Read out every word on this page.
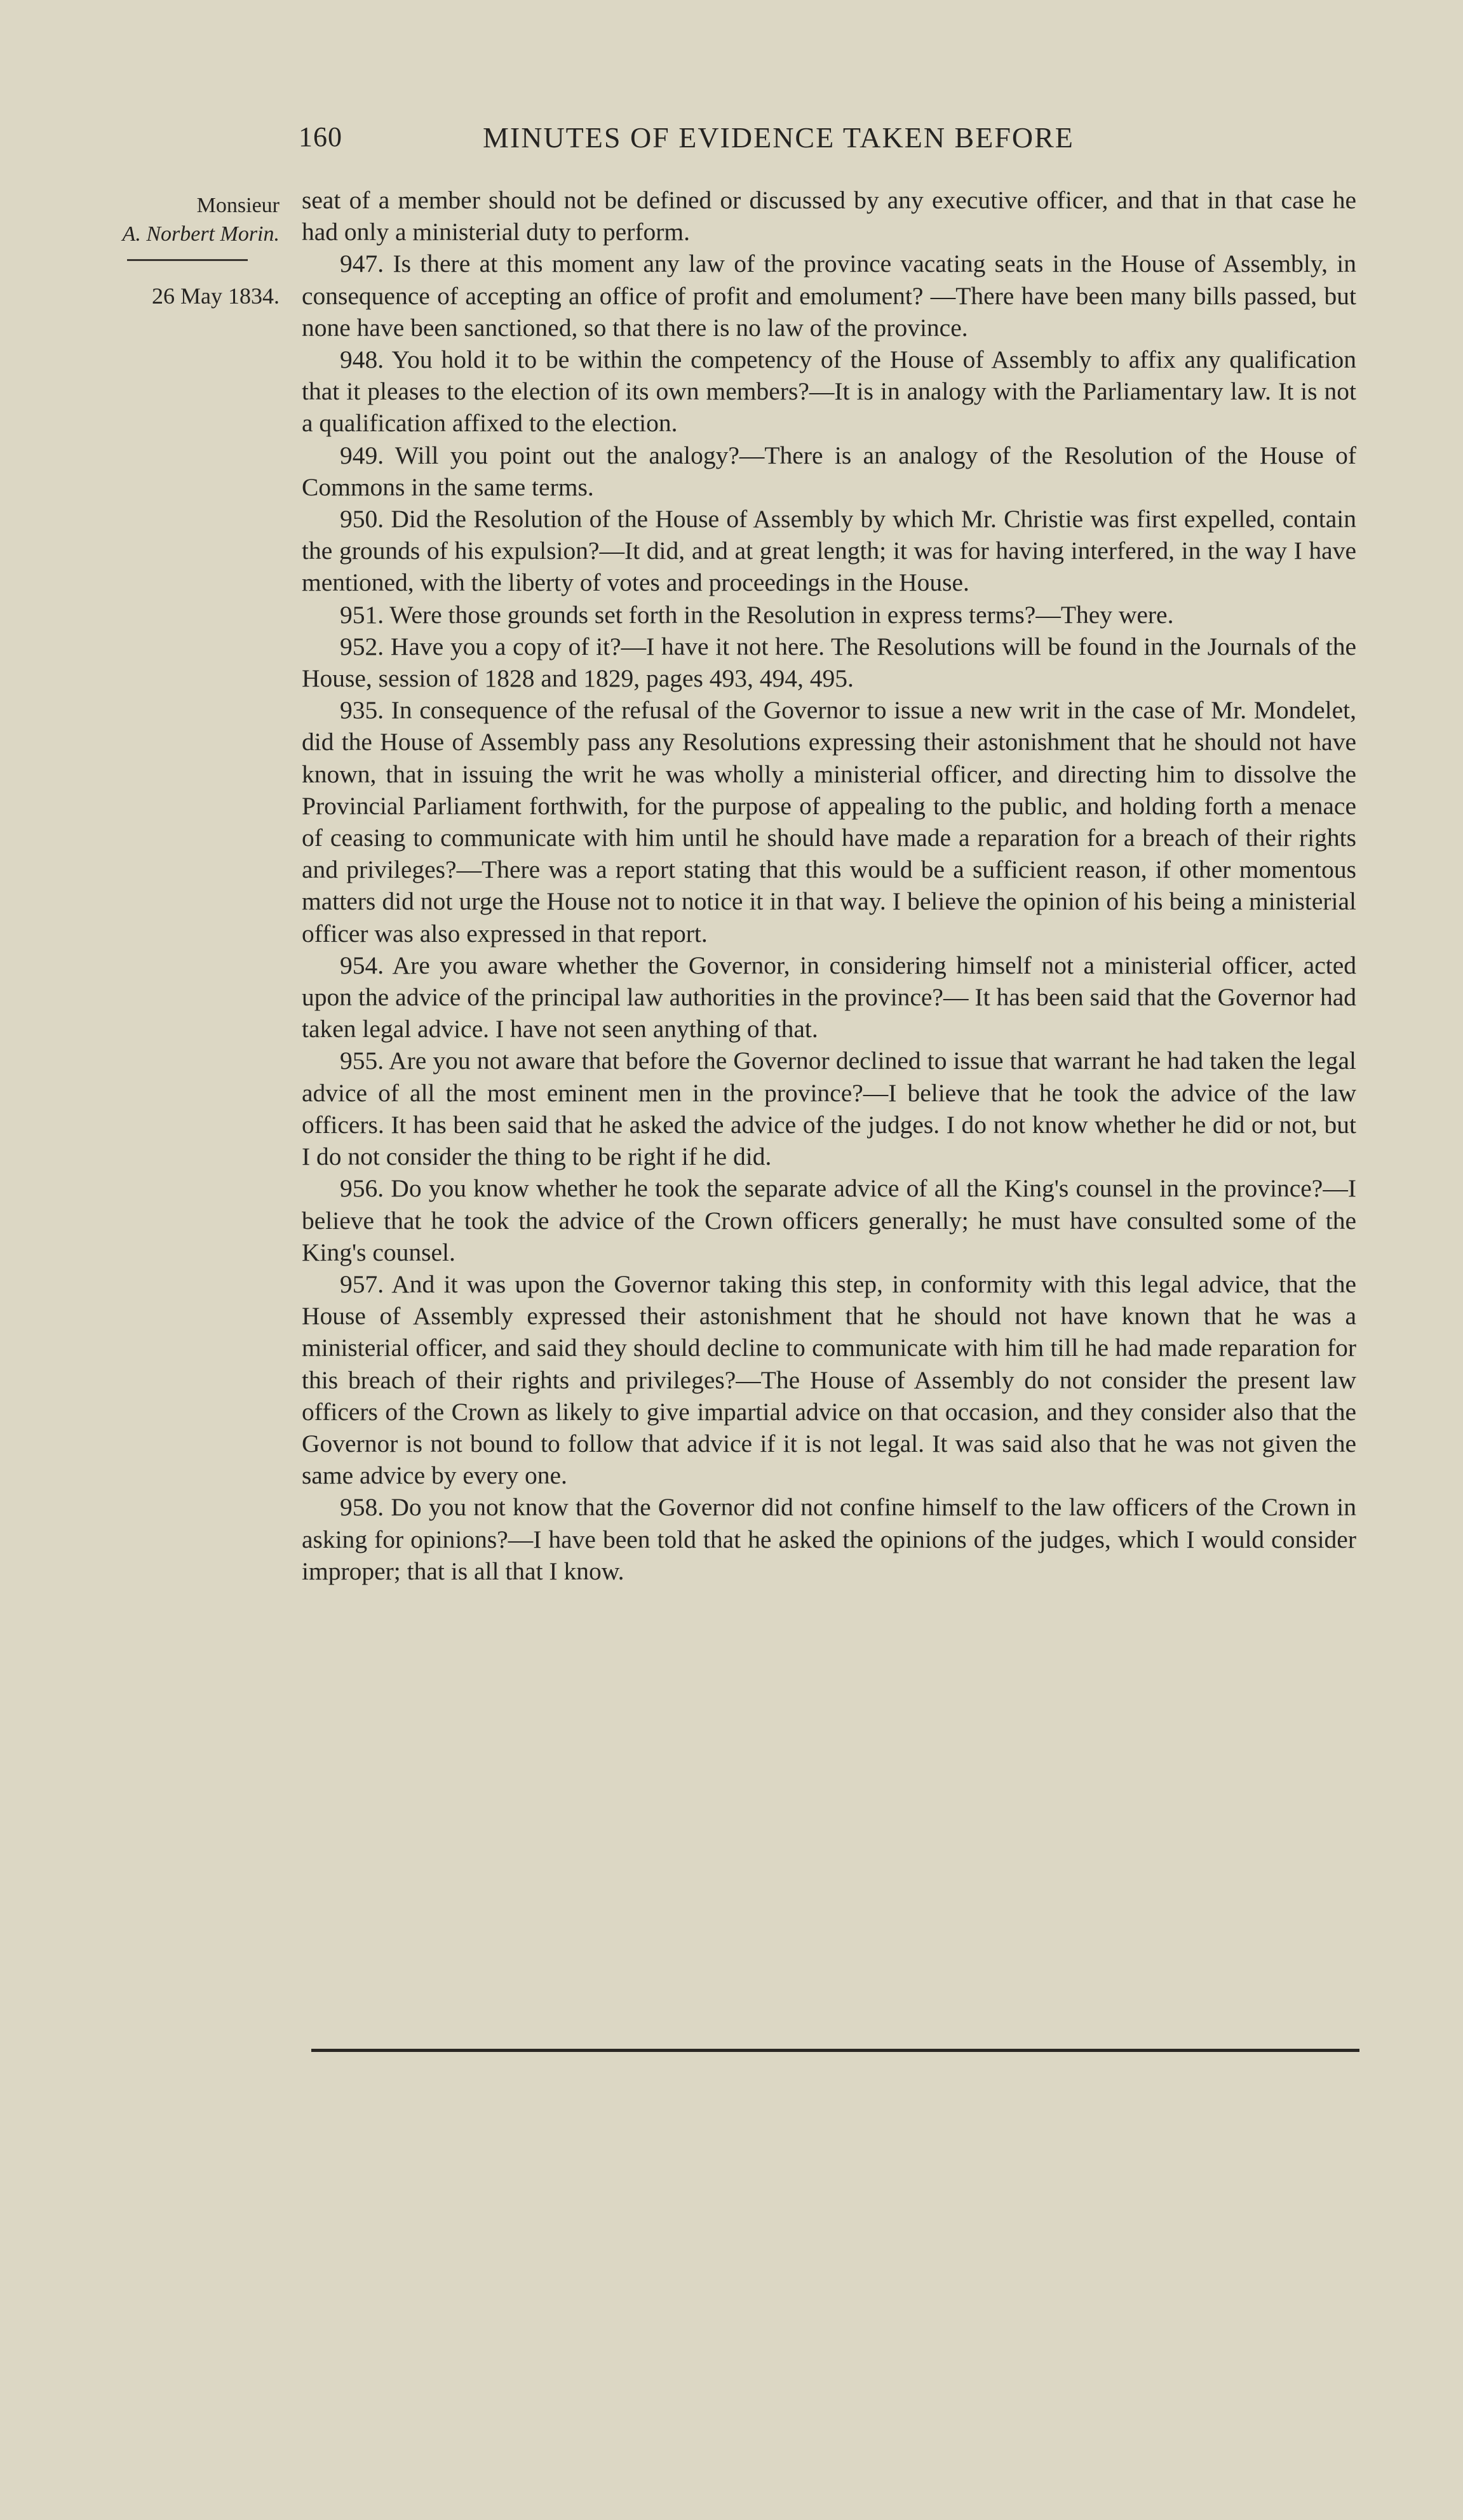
160	MINUTES OF EVIDENCE TAKEN BEFORE
Monsieur
A. Norbert Morin.
26 May 1834.

seat of a member should not be defined or discussed by any executive officer, and that in that case he had only a ministerial duty to perform.

947. Is there at this moment any law of the province vacating seats in the House of Assembly, in consequence of accepting an office of profit and emolument? —There have been many bills passed, but none have been sanctioned, so that there is no law of the province.

948. You hold it to be within the competency of the House of Assembly to affix any qualification that it pleases to the election of its own members?—It is in analogy with the Parliamentary law. It is not a qualification affixed to the election.

949. Will you point out the analogy?—There is an analogy of the Resolution of the House of Commons in the same terms.

950. Did the Resolution of the House of Assembly by which Mr. Christie was first expelled, contain the grounds of his expulsion?—It did, and at great length; it was for having interfered, in the way I have mentioned, with the liberty of votes and proceedings in the House.

951. Were those grounds set forth in the Resolution in express terms?—They were.

952. Have you a copy of it?—I have it not here. The Resolutions will be found in the Journals of the House, session of 1828 and 1829, pages 493, 494, 495.

935. In consequence of the refusal of the Governor to issue a new writ in the case of Mr. Mondelet, did the House of Assembly pass any Resolutions expressing their astonishment that he should not have known, that in issuing the writ he was wholly a ministerial officer, and directing him to dissolve the Provincial Parliament forthwith, for the purpose of appealing to the public, and holding forth a menace of ceasing to communicate with him until he should have made a reparation for a breach of their rights and privileges?—There was a report stating that this would be a sufficient reason, if other momentous matters did not urge the House not to notice it in that way. I believe the opinion of his being a ministerial officer was also expressed in that report.

954. Are you aware whether the Governor, in considering himself not a ministerial officer, acted upon the advice of the principal law authorities in the province?— It has been said that the Governor had taken legal advice. I have not seen anything of that.

955. Are you not aware that before the Governor declined to issue that warrant he had taken the legal advice of all the most eminent men in the province?—I believe that he took the advice of the law officers. It has been said that he asked the advice of the judges. I do not know whether he did or not, but I do not consider the thing to be right if he did.

956. Do you know whether he took the separate advice of all the King's counsel in the province?—I believe that he took the advice of the Crown officers generally; he must have consulted some of the King's counsel.

957. And it was upon the Governor taking this step, in conformity with this legal advice, that the House of Assembly expressed their astonishment that he should not have known that he was a ministerial officer, and said they should decline to communicate with him till he had made reparation for this breach of their rights and privileges?—The House of Assembly do not consider the present law officers of the Crown as likely to give impartial advice on that occasion, and they consider also that the Governor is not bound to follow that advice if it is not legal. It was said also that he was not given the same advice by every one.

958. Do you not know that the Governor did not confine himself to the law officers of the Crown in asking for opinions?—I have been told that he asked the opinions of the judges, which I would consider improper; that is all that I know.
